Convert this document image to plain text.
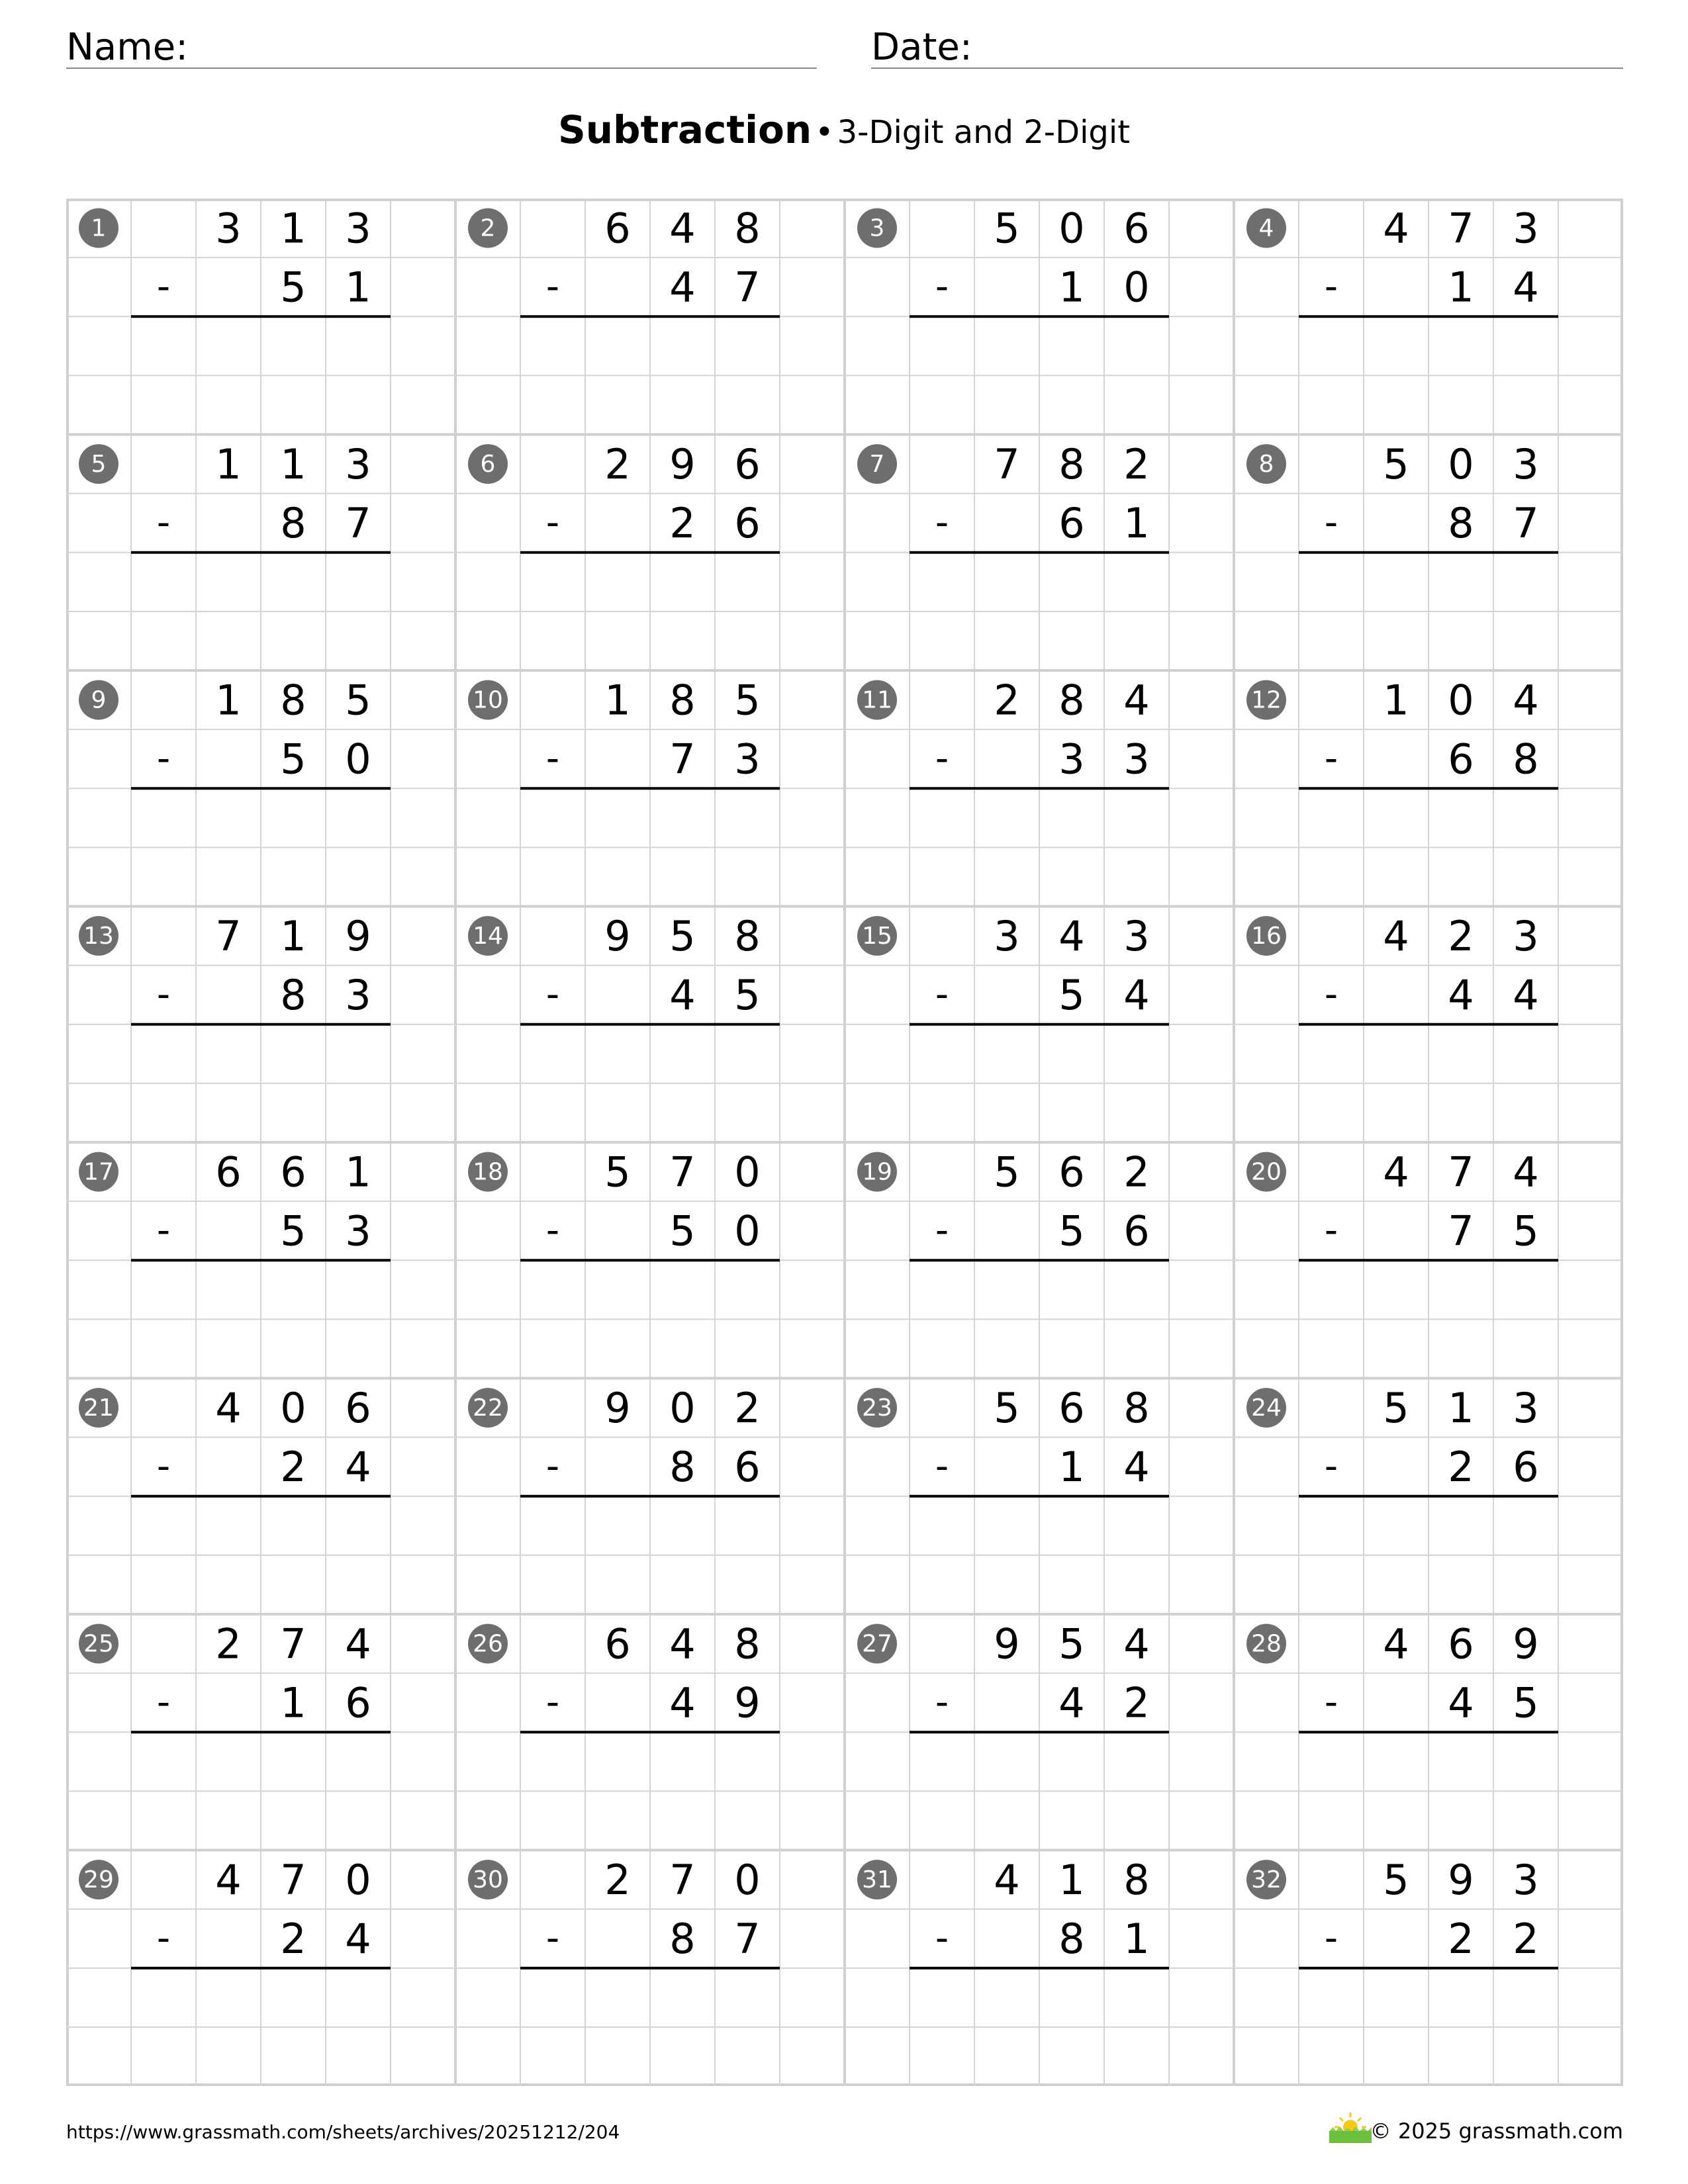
Name:	Date:
Subtraction • 3-Digit and 2-Digit
1	3 1 3
-	5 1
2	6 4 8
-	4 7
3	5 0 6
-	1 0
4	4 7 3
-	1 4
5	1 1 3
-	8 7
6	2 9 6
-	2 6
7	7 8 2
-	6 1
8	5 0 3
-	8 7
9	1 8 5
-	5 0
10 1 8 5
-	7 3
11 2 8 4
-	3 3
12 1 0 4
-	6 8
13 7 1 9
-	8 3
14 9 5 8
-	4 5
15 3 4 3
-	5 4
16 4 2 3
-	4 4
17 6 6 1
-	5 3
18 5 7 0
-	5 0
19 5 6 2
-	5 6
20 4 7 4
-	7 5
21 4 0 6
-	2 4
22 9 0 2
-	8 6
23 5 6 8
-	1 4
24 5 1 3
-	2 6
25 2 7 4
-	1 6
26 6 4 8
-	4 9
27 9 5 4
-	4 2
28 4 6 9
-	4 5
29 4 7 0
-	2 4
30 2 7 0
-	8 7
31 4 1 8
-	8 1
32 5 9 3
-	2 2
https://www.grassmath.com/sheets/archives/20251212/204	© 2025 grassmath.com
